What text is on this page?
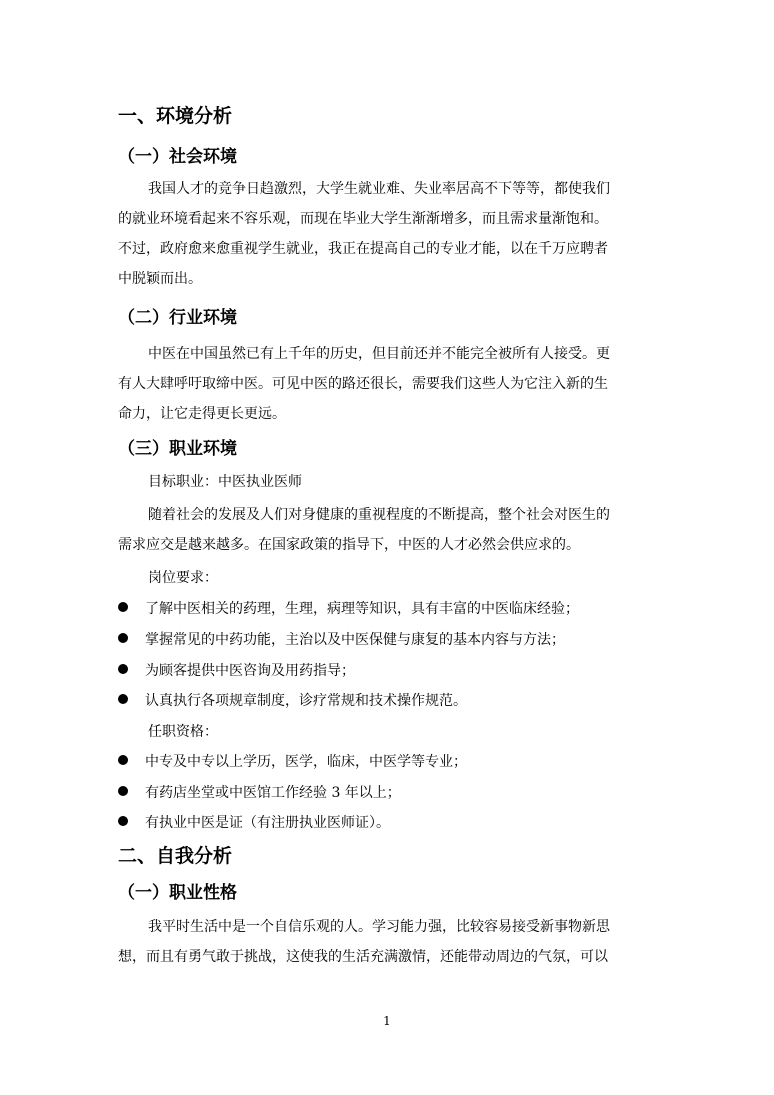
一、环境分析
（一）社会环境
我国人才的竞争日趋激烈，大学生就业难、失业率居高不下等等，都使我们
的就业环境看起来不容乐观，而现在毕业大学生渐渐增多，而且需求量渐饱和。
不过，政府愈来愈重视学生就业，我正在提高自己的专业才能，以在千万应聘者
中脱颖而出。
（二）行业环境
中医在中国虽然已有上千年的历史，但目前还并不能完全被所有人接受。更
有人大肆呼吁取缔中医。可见中医的路还很长，需要我们这些人为它注入新的生
命力，让它走得更长更远。
（三）职业环境
目标职业：中医执业医师
随着社会的发展及人们对身健康的重视程度的不断提高，整个社会对医生的
需求应交是越来越多。在国家政策的指导下，中医的人才必然会供应求的。
岗位要求：
了解中医相关的药理，生理，病理等知识，具有丰富的中医临床经验；
掌握常见的中药功能，主治以及中医保健与康复的基本内容与方法；
为顾客提供中医咨询及用药指导；
认真执行各项规章制度，诊疗常规和技术操作规范。
任职资格：
中专及中专以上学历，医学，临床，中医学等专业；
有药店坐堂或中医馆工作经验 3 年以上；
有执业中医是证（有注册执业医师证）。
二、自我分析
（一）职业性格
我平时生活中是一个自信乐观的人。学习能力强，比较容易接受新事物新思
想，而且有勇气敢于挑战，这使我的生活充满激情，还能带动周边的气氛，可以
1
